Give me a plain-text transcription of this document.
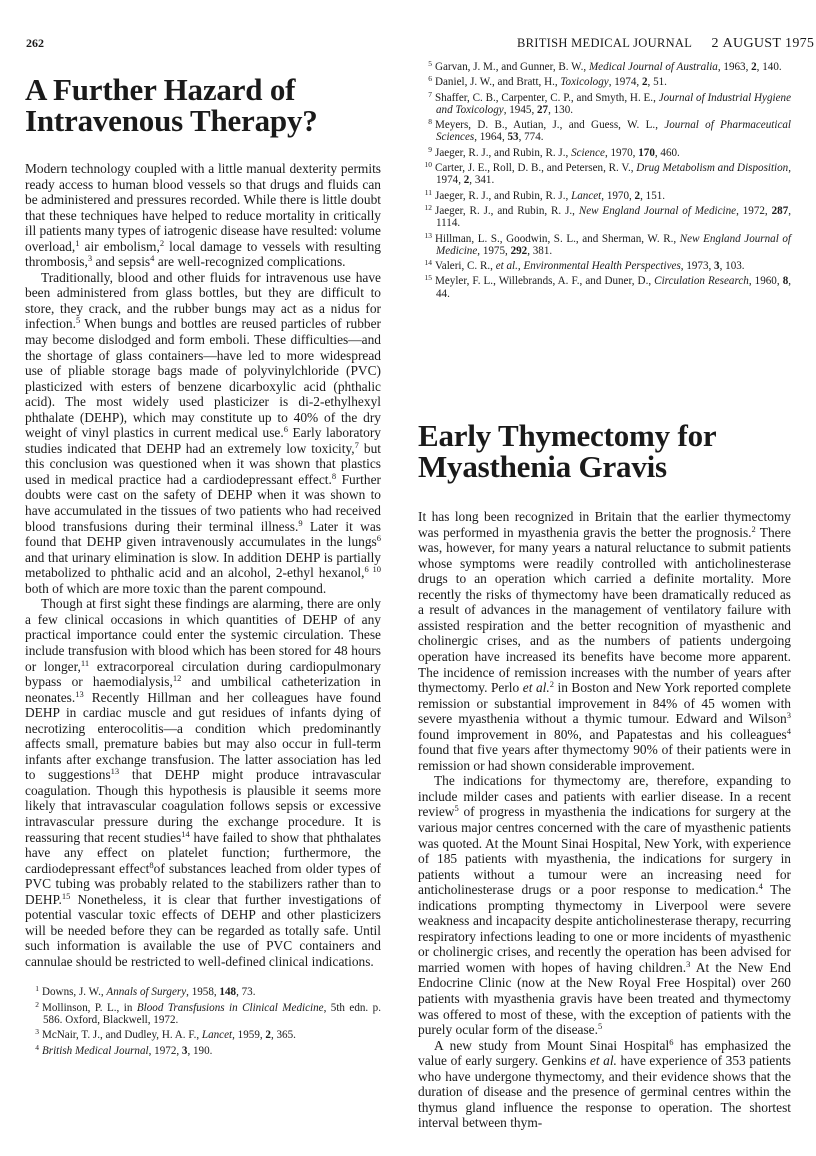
262	BRITISH MEDICAL JOURNAL 2 AUGUST 1975
A Further Hazard of
Intravenous Therapy?

Modern technology coupled with a little manual dexterity permits ready access to human blood vessels so that drugs and fluids can be administered and pressures recorded. While there is little doubt that these techniques have helped to reduce mortality in critically ill patients many types of iatrogenic disease have resulted: volume overload,$^1$ air embolism,$^2$ local damage to vessels with resulting thrombosis,$^3$ and sepsis$^4$ are well-recognized complications.

Traditionally, blood and other fluids for intravenous use have been administered from glass bottles, but they are difficult to store, they crack, and the rubber bungs may act as a nidus for infection.$^5$ When bungs and bottles are reused particles of rubber may become dislodged and form emboli. These difficulties—and the shortage of glass containers—have led to more widespread use of pliable storage bags made of polyvinylchloride (PVC) plasticized with esters of benzene dicarboxylic acid (phthalic acid). The most widely used plasticizer is di-2-ethylhexyl phthalate (DEHP), which may constitute up to 40% of the dry weight of vinyl plastics in current medical use.$^6$ Early laboratory studies indicated that DEHP had an extremely low toxicity,$^7$ but this conclusion was questioned when it was shown that plastics used in medical practice had a cardiodepressant effect.$^8$ Further doubts were cast on the safety of DEHP when it was shown to have accumulated in the tissues of two patients who had received blood transfusions during their terminal illness.$^9$ Later it was found that DEHP given intravenously accumulates in the lungs$^6$ and that urinary elimination is slow. In addition DEHP is partially metabolized to phthalic acid and an alcohol, 2-ethyl hexanol,$^{6 10}$ both of which are more toxic than the parent compound.

Though at first sight these findings are alarming, there are only a few clinical occasions in which quantities of DEHP of any practical importance could enter the systemic circulation. These include transfusion with blood which has been stored for 48 hours or longer,$^{11}$ extracorporeal circulation during cardiopulmonary bypass or haemodialysis,$^{12}$ and umbilical catheterization in neonates.$^{13}$ Recently Hillman and her colleagues have found DEHP in cardiac muscle and gut residues of infants dying of necrotizing enterocolitis—a condition which predominantly affects small, premature babies but may also occur in full-term infants after exchange transfusion. The latter association has led to suggestions$^{13}$ that DEHP might produce intravascular coagulation. Though this hypothesis is plausible it seems more likely that intravascular coagulation follows sepsis or excessive intravascular pressure during the exchange procedure. It is reassuring that recent studies$^{14}$ have failed to show that phthalates have any effect on platelet function; furthermore, the cardiodepressant effect$^8$of substances leached from older types of PVC tubing was probably related to the stabilizers rather than to DEHP.$^{15}$ Nonetheless, it is clear that further investigations of potential vascular toxic effects of DEHP and other plasticizers will be needed before they can be regarded as totally safe. Until such information is available the use of PVC containers and cannulae should be restricted to well-defined clinical indications.

1 Downs, J. W., Annals of Surgery, 1958, 148, 73.
2 Mollinson, P. L., in Blood Transfusions in Clinical Medicine, 5th edn. p. 586. Oxford, Blackwell, 1972.
3 McNair, T. J., and Dudley, H. A. F., Lancet, 1959, 2, 365.
4 British Medical Journal, 1972, 3, 190.
5 Garvan, J. M., and Gunner, B. W., Medical Journal of Australia, 1963, 2, 140.
6 Daniel, J. W., and Bratt, H., Toxicology, 1974, 2, 51.
7 Shaffer, C. B., Carpenter, C. P., and Smyth, H. E., Journal of Industrial Hygiene and Toxicology, 1945, 27, 130.
8 Meyers, D. B., Autian, J., and Guess, W. L., Journal of Pharmaceutical Sciences, 1964, 53, 774.
9 Jaeger, R. J., and Rubin, R. J., Science, 1970, 170, 460.
10 Carter, J. E., Roll, D. B., and Petersen, R. V., Drug Metabolism and Disposition, 1974, 2, 341.
11 Jaeger, R. J., and Rubin, R. J., Lancet, 1970, 2, 151.
12 Jaeger, R. J., and Rubin, R. J., New England Journal of Medicine, 1972, 287, 1114.
13 Hillman, L. S., Goodwin, S. L., and Sherman, W. R., New England Journal of Medicine, 1975, 292, 381.
14 Valeri, C. R., et al., Environmental Health Perspectives, 1973, 3, 103.
15 Meyler, F. L., Willebrands, A. F., and Duner, D., Circulation Research, 1960, 8, 44.
Early Thymectomy for
Myasthenia Gravis

It has long been recognized in Britain that the earlier thymectomy was performed in myasthenia gravis the better the prognosis.$^2$ There was, however, for many years a natural reluctance to submit patients whose symptoms were readily controlled with anticholinesterase drugs to an operation which carried a definite mortality. More recently the risks of thymectomy have been dramatically reduced as a result of advances in the management of ventilatory failure with assisted respiration and the better recognition of myasthenic and cholinergic crises, and as the numbers of patients undergoing operation have increased its benefits have become more apparent. The incidence of remission increases with the number of years after thymectomy. Perlo et al.$^2$ in Boston and New York reported complete remission or substantial improvement in 84% of 45 women with severe myasthenia without a thymic tumour. Edward and Wilson$^3$ found improvement in 80%, and Papatestas and his colleagues$^4$ found that five years after thymectomy 90% of their patients were in remission or had shown considerable improvement.

The indications for thymectomy are, therefore, expanding to include milder cases and patients with earlier disease. In a recent review$^5$ of progress in myasthenia the indications for surgery at the various major centres concerned with the care of myasthenic patients was quoted. At the Mount Sinai Hospital, New York, with experience of 185 patients with myasthenia, the indications for surgery in patients without a tumour were an increasing need for anticholinesterase drugs or a poor response to medication.$^4$ The indications prompting thymectomy in Liverpool were severe weakness and incapacity despite anticholinesterase therapy, recurring respiratory infections leading to one or more incidents of myasthenic or cholinergic crises, and recently the operation has been advised for married women with hopes of having children.$^3$ At the New End Endocrine Clinic (now at the New Royal Free Hospital) over 260 patients with myasthenia gravis have been treated and thymectomy was offered to most of these, with the exception of patients with the purely ocular form of the disease.$^5$

A new study from Mount Sinai Hospital$^6$ has emphasized the value of early surgery. Genkins et al. have experience of 353 patients who have undergone thymectomy, and their evidence shows that the duration of disease and the presence of germinal centres within the thymus gland influence the response to operation. The shortest interval between thym-
